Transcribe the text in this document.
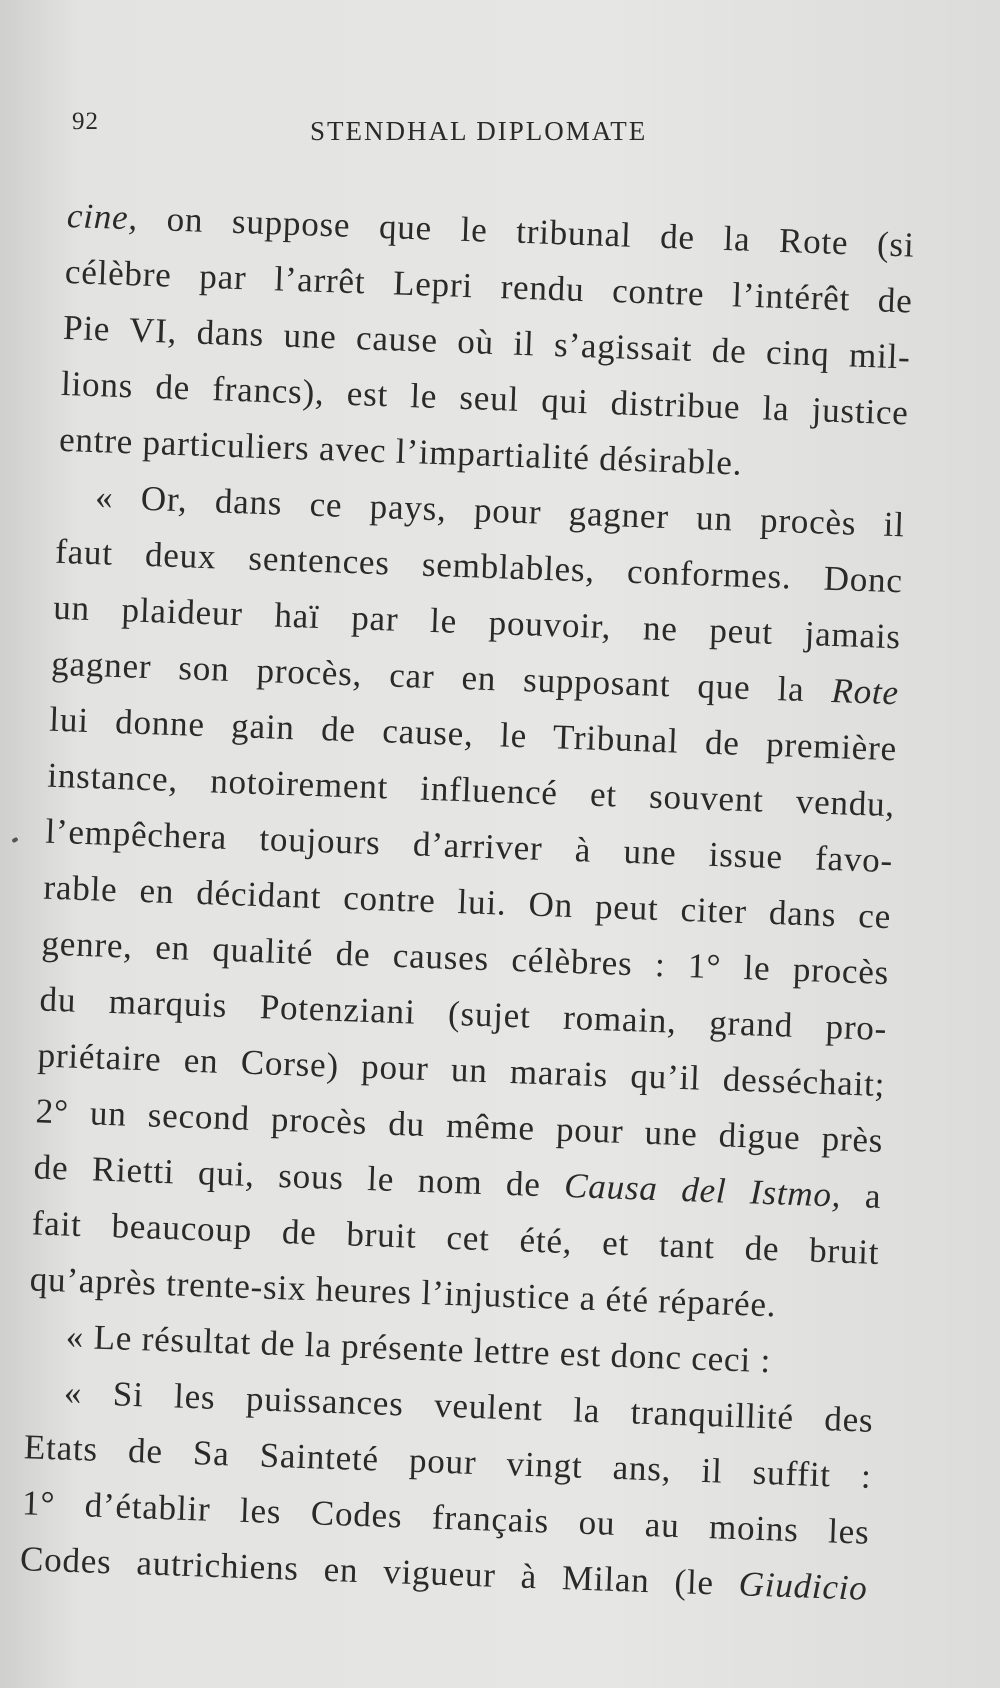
92	STENDHAL DIPLOMATE
cine, on suppose que le tribunal de la Rote (si
célèbre par l’arrêt Lepri rendu contre l’intérêt de
Pie VI, dans une cause où il s’agissait de cinq mil-
lions de francs), est le seul qui distribue la justice
entre particuliers avec l’impartialité désirable.
« Or, dans ce pays, pour gagner un procès il
faut deux sentences semblables, conformes. Donc
un plaideur haï par le pouvoir, ne peut jamais
gagner son procès, car en supposant que la Rote
lui donne gain de cause, le Tribunal de première
instance, notoirement influencé et souvent vendu,
l’empêchera toujours d’arriver à une issue favo-
rable en décidant contre lui. On peut citer dans ce
genre, en qualité de causes célèbres : 1° le procès
du marquis Potenziani (sujet romain, grand pro-
priétaire en Corse) pour un marais qu’il desséchait;
2° un second procès du même pour une digue près
de Rietti qui, sous le nom de Causa del Istmo, a
fait beaucoup de bruit cet été, et tant de bruit
qu’après trente-six heures l’injustice a été réparée.
« Le résultat de la présente lettre est donc ceci :
« Si les puissances veulent la tranquillité des
Etats de Sa Sainteté pour vingt ans, il suffit :
1° d’établir les Codes français ou au moins les
Codes autrichiens en vigueur à Milan (le Giudicio
